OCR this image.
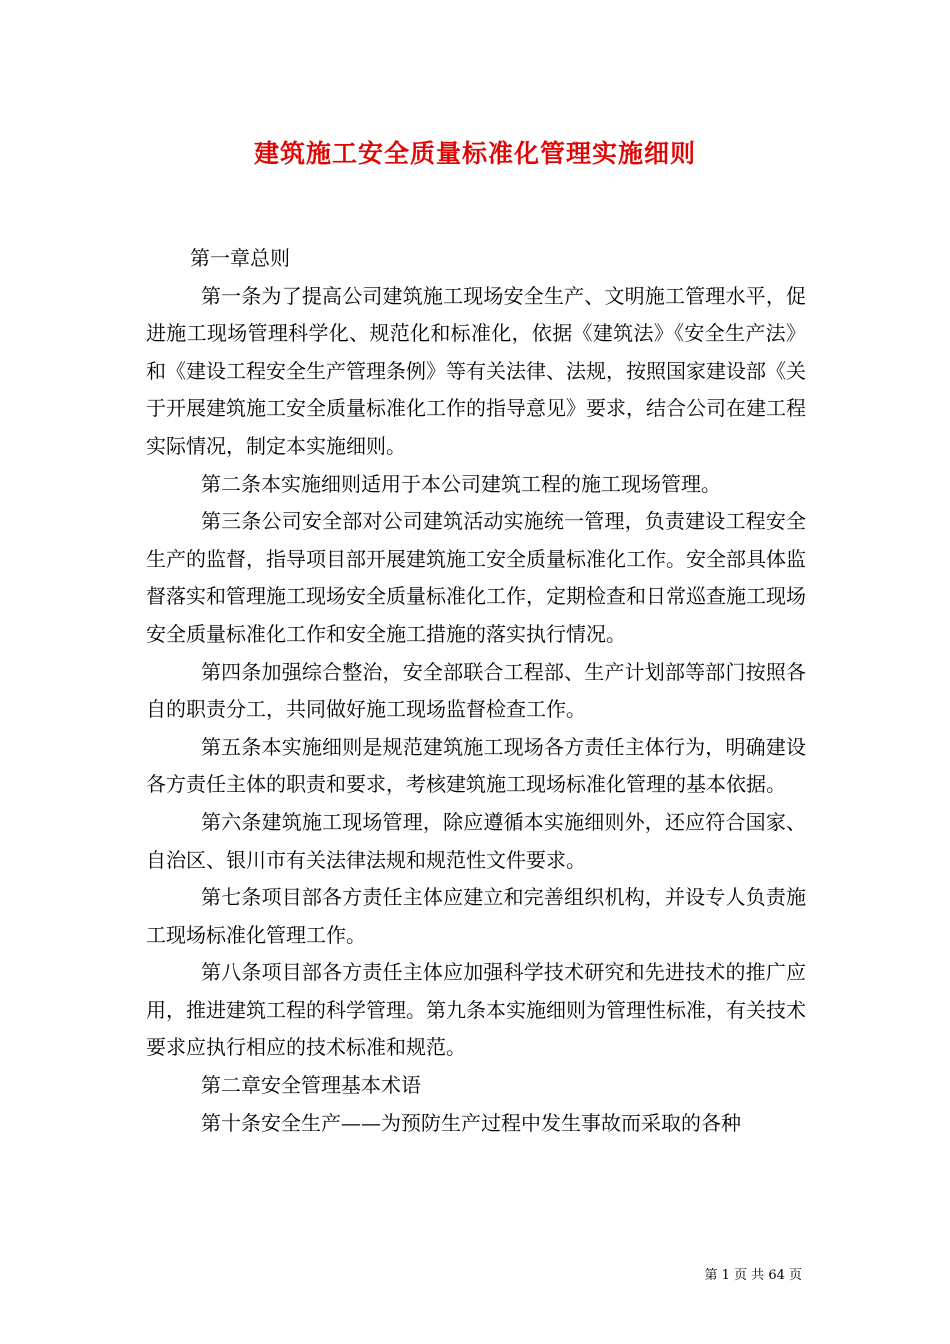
建筑施工安全质量标准化管理实施细则

第一章总则

第一条为了提高公司建筑施工现场安全生产、文明施工管理水平，促进施工现场管理科学化、规范化和标准化，依据《建筑法》《安全生产法》和《建设工程安全生产管理条例》等有关法律、法规，按照国家建设部《关于开展建筑施工安全质量标准化工作的指导意见》要求，结合公司在建工程实际情况，制定本实施细则。

第二条本实施细则适用于本公司建筑工程的施工现场管理。

第三条公司安全部对公司建筑活动实施统一管理，负责建设工程安全生产的监督，指导项目部开展建筑施工安全质量标准化工作。安全部具体监督落实和管理施工现场安全质量标准化工作，定期检查和日常巡查施工现场安全质量标准化工作和安全施工措施的落实执行情况。

第四条加强综合整治，安全部联合工程部、生产计划部等部门按照各自的职责分工，共同做好施工现场监督检查工作。

第五条本实施细则是规范建筑施工现场各方责任主体行为，明确建设各方责任主体的职责和要求，考核建筑施工现场标准化管理的基本依据。

第六条建筑施工现场管理，除应遵循本实施细则外，还应符合国家、自治区、银川市有关法律法规和规范性文件要求。

第七条项目部各方责任主体应建立和完善组织机构，并设专人负责施工现场标准化管理工作。

第八条项目部各方责任主体应加强科学技术研究和先进技术的推广应用，推进建筑工程的科学管理。第九条本实施细则为管理性标准，有关技术要求应执行相应的技术标准和规范。

第二章安全管理基本术语

第十条安全生产——为预防生产过程中发生事故而采取的各种

第 1 页 共 64 页
